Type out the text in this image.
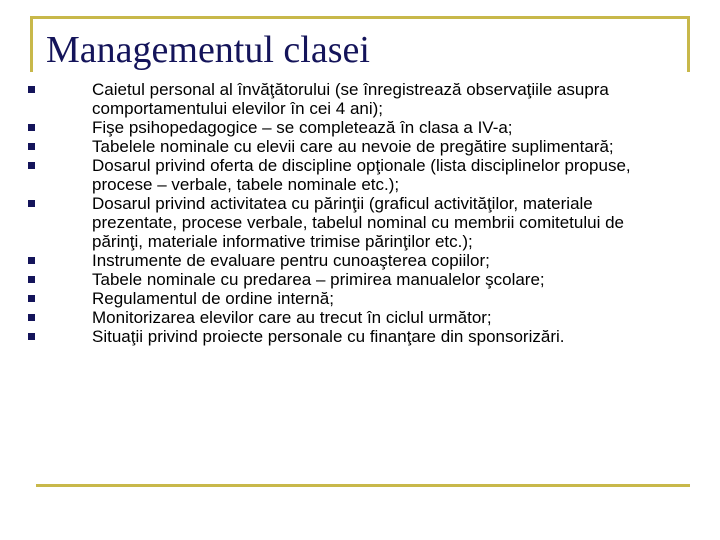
Managementul clasei
Caietul personal al învăţătorului (se înregistrează observaţiile asupra comportamentului elevilor în cei 4 ani);
Fişe psihopedagogice – se completează în clasa a IV-a;
Tabelele nominale cu elevii care au nevoie de pregătire suplimentară;
Dosarul privind oferta de discipline opţionale (lista disciplinelor propuse, procese – verbale, tabele nominale etc.);
Dosarul privind activitatea cu părinţii (graficul activităţilor, materiale prezentate, procese verbale, tabelul nominal cu membrii comitetului de părinţi, materiale informative trimise părinţilor etc.);
Instrumente de evaluare pentru cunoaşterea copiilor;
Tabele nominale cu predarea – primirea manualelor şcolare;
Regulamentul de ordine internă;
Monitorizarea elevilor care au trecut în ciclul următor;
Situaţii privind proiecte personale cu finanţare din sponsorizări.
